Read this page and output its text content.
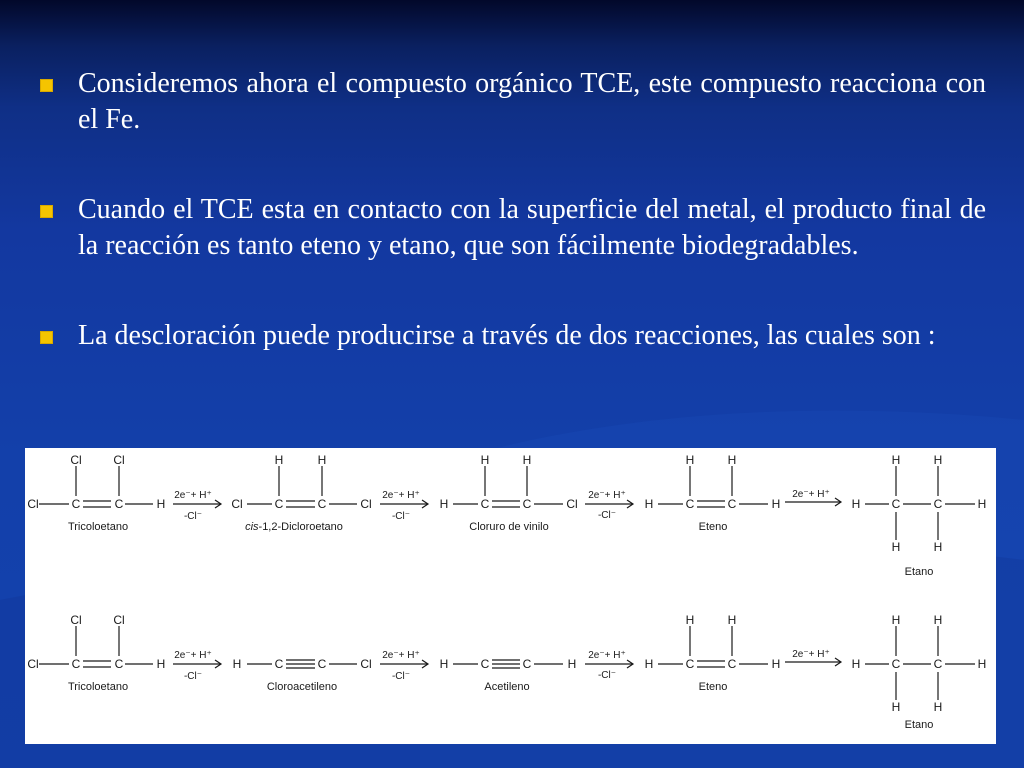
Consideremos ahora el compuesto orgánico TCE, este compuesto reacciona con el Fe.
Cuando el TCE esta en contacto con la superficie del metal, el producto final de la reacción es tanto eteno y etano, que son fácilmente biodegradables.
La descloración puede producirse a través de dos reacciones, las cuales son :
Cl	Cl
Cl	C	C	H
H	H
Cl	C	C	Cl
H	H
H	C	C	Cl
H	H
H	C	C	H
H	H
H	C	C	H
H	H
2e⁻+ H⁺
-Cl⁻
2e⁻+ H⁺
-Cl⁻
2e⁻+ H⁺
-Cl⁻
2e⁻+ H⁺
Tricoloetano	cis-1,2-Dicloroetano	Cloruro de vinilo	Eteno
Etano
Cl	Cl
Cl	C	C	Cl
H	H	C	C	H	C	C	H
H	H
H	C	C	H
H	H
H	C	C	H
H	H
2e⁻+ H⁺
-Cl⁻
2e⁻+ H⁺
-Cl⁻
2e⁻+ H⁺
-Cl⁻
2e⁻+ H⁺
Tricoloetano	Cloroacetileno	Acetileno	Eteno
Etano
